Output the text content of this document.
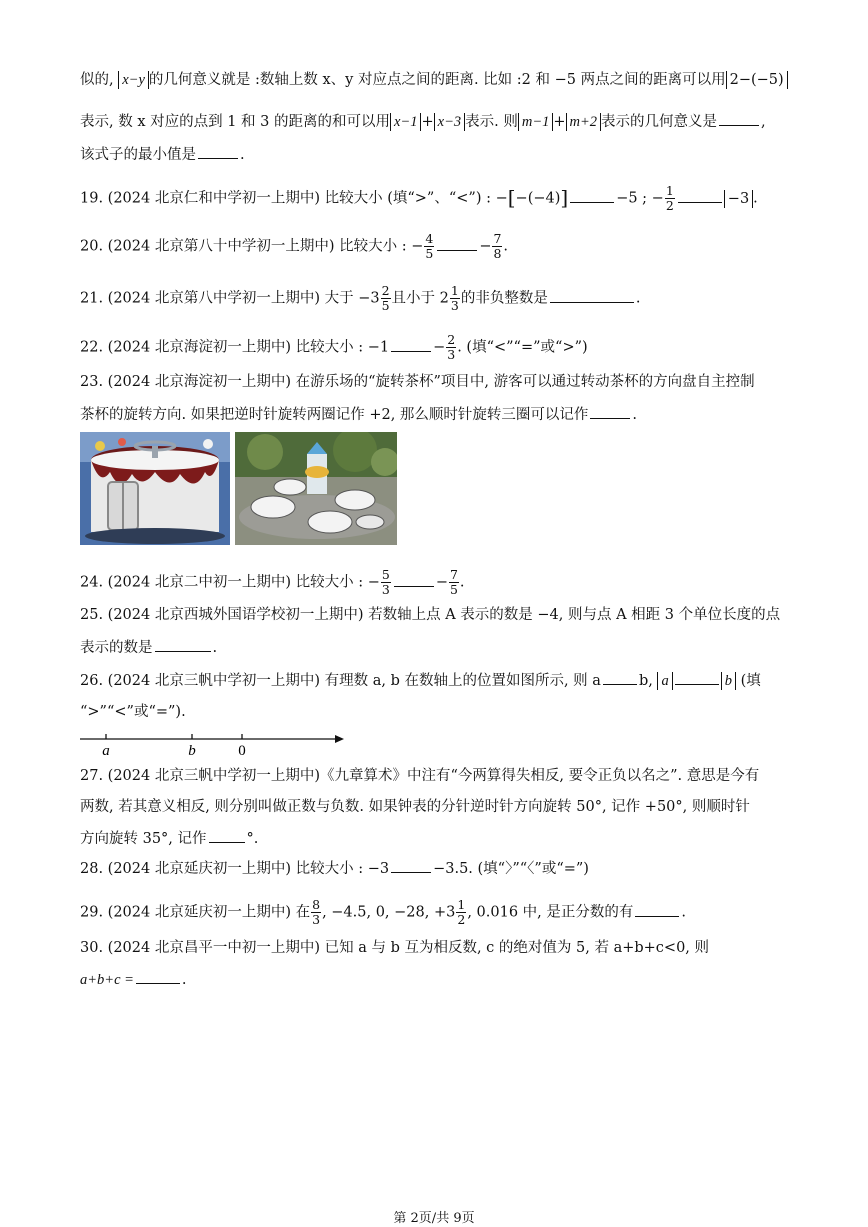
似的, x−y 的几何意义就是 :数轴上数 x、y 对应点之间的距离. 比如 :2 和 −5 两点之间的距离可以用 2−(−5)
表示, 数 x 对应的点到 1 和 3 的距离的和可以用 x−1 + x−3 表示. 则 m−1 + m+2 表示的几何意义是	,
该式子的最小值是	.
19. (2024 北京仁和中学初一上期中) 比较大小 (填“>”、“<”) : −[−(−4)]	−5 ; − $\frac{1}{2}$	−3 .
20. (2024 北京第八十中学初一上期中) 比较大小 : − $\frac{4}{5}$	− $\frac{7}{8}$ .
21. (2024 北京第八中学初一上期中) 大于 $-3 \frac{2}{5}$ 且小于 $2 \frac{1}{3}$ 的非负整数是	.
22. (2024 北京海淀初一上期中) 比较大小 : −1	− $\frac{2}{3}$ . (填“<”“=”或“>”)
23. (2024 北京海淀初一上期中) 在游乐场的“旋转茶杯”项目中, 游客可以通过转动茶杯的方向盘自主控制
茶杯的旋转方向. 如果把逆时针旋转两圈记作 +2, 那么顺时针旋转三圈可以记作	.
24. (2024 北京二中初一上期中) 比较大小 : − $\frac{5}{3}$	− $\frac{7}{5}$ .
25. (2024 北京西城外国语学校初一上期中) 若数轴上点 A 表示的数是 −4, 则与点 A 相距 3 个单位长度的点
表示的数是	.
26. (2024 北京三帆中学初一上期中) 有理数 a, b 在数轴上的位置如图所示, 则 a	b, a	b (填
“>”“<”或“=”).
a	b	0
27. (2024 北京三帆中学初一上期中)《九章算术》中注有“今两算得失相反, 要令正负以名之”. 意思是今有
两数, 若其意义相反, 则分别叫做正数与负数. 如果钟表的分针逆时针方向旋转 50°, 记作 +50°, 则顺时针
方向旋转 35°, 记作	°.
28. (2024 北京延庆初一上期中) 比较大小 : −3	−3.5. (填“〉”“〈”或“=”)
29. (2024 北京延庆初一上期中) 在 $\frac{8}{3}$ , −4.5, 0, −28, $+3 \frac{1}{2}$ , 0.016 中, 是正分数的有	.
30. (2024 北京昌平一中初一上期中) 已知 a 与 b 互为相反数, c 的绝对值为 5, 若 a+b+c<0, 则
a+b+c =	.
第 2页/共 9页
